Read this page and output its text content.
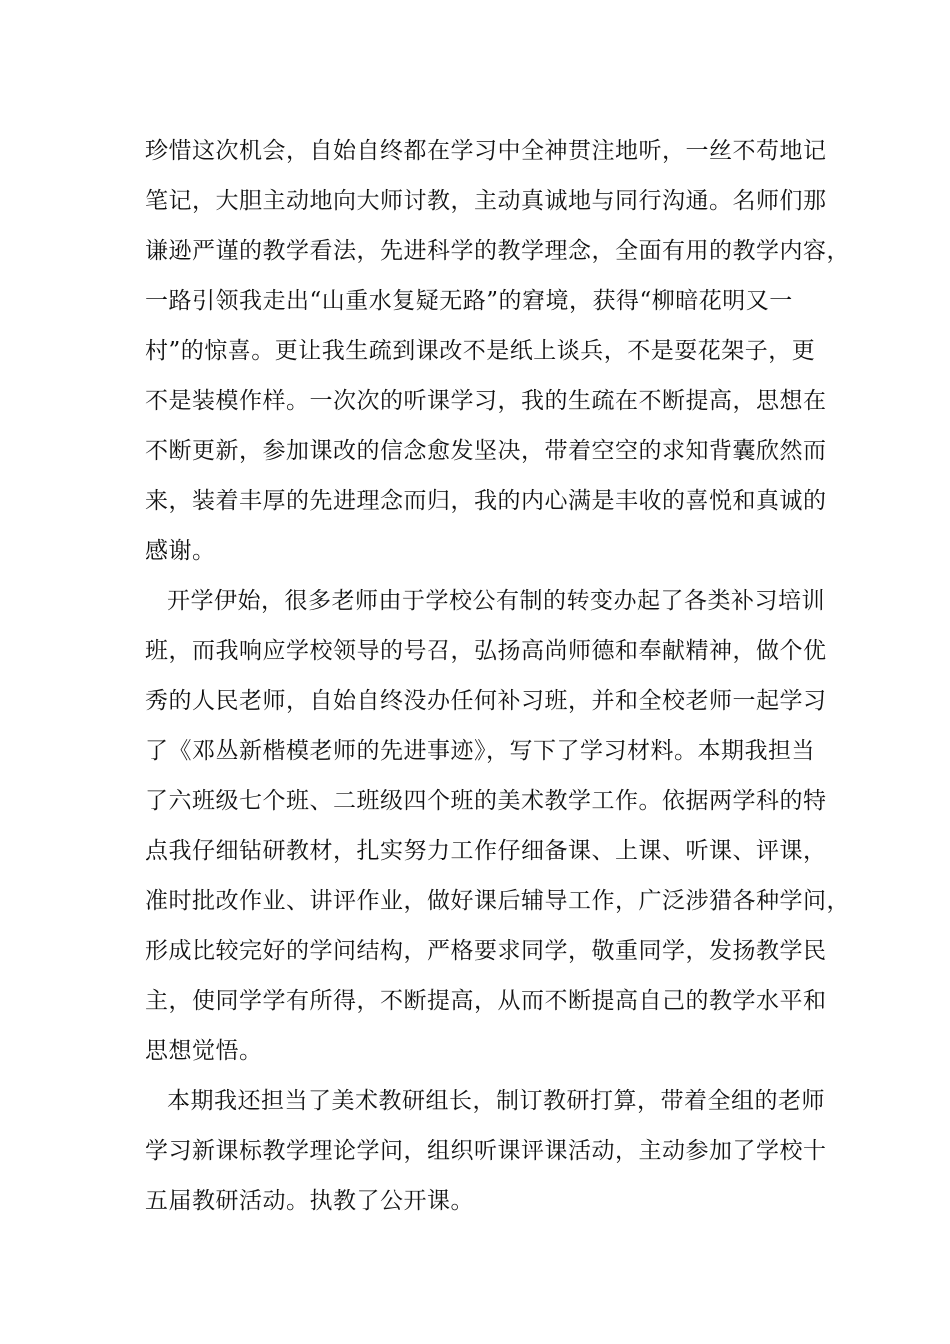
珍惜这次机会，自始自终都在学习中全神贯注地听，一丝不苟地记
笔记，大胆主动地向大师讨教，主动真诚地与同行沟通。名师们那
谦逊严谨的教学看法，先进科学的教学理念，全面有用的教学内容，
一路引领我走出“山重水复疑无路”的窘境，获得“柳暗花明又一
村”的惊喜。更让我生疏到课改不是纸上谈兵，不是耍花架子，更
不是装模作样。一次次的听课学习，我的生疏在不断提高，思想在
不断更新，参加课改的信念愈发坚决，带着空空的求知背囊欣然而
来，装着丰厚的先进理念而归，我的内心满是丰收的喜悦和真诚的
感谢。
开学伊始，很多老师由于学校公有制的转变办起了各类补习培训
班，而我响应学校领导的号召，弘扬高尚师德和奉献精神，做个优
秀的人民老师，自始自终没办任何补习班，并和全校老师一起学习
了《邓丛新楷模老师的先进事迹》，写下了学习材料。本期我担当
了六班级七个班、二班级四个班的美术教学工作。依据两学科的特
点我仔细钻研教材，扎实努力工作仔细备课、上课、听课、评课，
准时批改作业、讲评作业，做好课后辅导工作，广泛涉猎各种学问，
形成比较完好的学问结构，严格要求同学，敬重同学，发扬教学民
主，使同学学有所得，不断提高，从而不断提高自己的教学水平和
思想觉悟。
本期我还担当了美术教研组长，制订教研打算，带着全组的老师
学习新课标教学理论学问，组织听课评课活动，主动参加了学校十
五届教研活动。执教了公开课。
